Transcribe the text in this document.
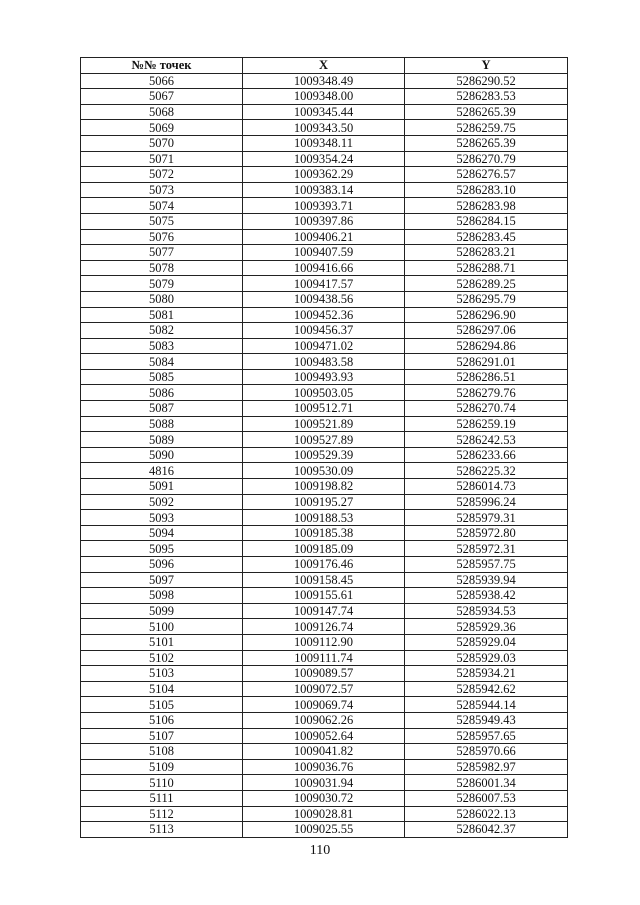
№№ точек	X	Y
5066	1009348.49	5286290.52
5067	1009348.00	5286283.53
5068	1009345.44	5286265.39
5069	1009343.50	5286259.75
5070	1009348.11	5286265.39
5071	1009354.24	5286270.79
5072	1009362.29	5286276.57
5073	1009383.14	5286283.10
5074	1009393.71	5286283.98
5075	1009397.86	5286284.15
5076	1009406.21	5286283.45
5077	1009407.59	5286283.21
5078	1009416.66	5286288.71
5079	1009417.57	5286289.25
5080	1009438.56	5286295.79
5081	1009452.36	5286296.90
5082	1009456.37	5286297.06
5083	1009471.02	5286294.86
5084	1009483.58	5286291.01
5085	1009493.93	5286286.51
5086	1009503.05	5286279.76
5087	1009512.71	5286270.74
5088	1009521.89	5286259.19
5089	1009527.89	5286242.53
5090	1009529.39	5286233.66
4816	1009530.09	5286225.32
5091	1009198.82	5286014.73
5092	1009195.27	5285996.24
5093	1009188.53	5285979.31
5094	1009185.38	5285972.80
5095	1009185.09	5285972.31
5096	1009176.46	5285957.75
5097	1009158.45	5285939.94
5098	1009155.61	5285938.42
5099	1009147.74	5285934.53
5100	1009126.74	5285929.36
5101	1009112.90	5285929.04
5102	1009111.74	5285929.03
5103	1009089.57	5285934.21
5104	1009072.57	5285942.62
5105	1009069.74	5285944.14
5106	1009062.26	5285949.43
5107	1009052.64	5285957.65
5108	1009041.82	5285970.66
5109	1009036.76	5285982.97
5110	1009031.94	5286001.34
5111	1009030.72	5286007.53
5112	1009028.81	5286022.13
5113	1009025.55	5286042.37
110
